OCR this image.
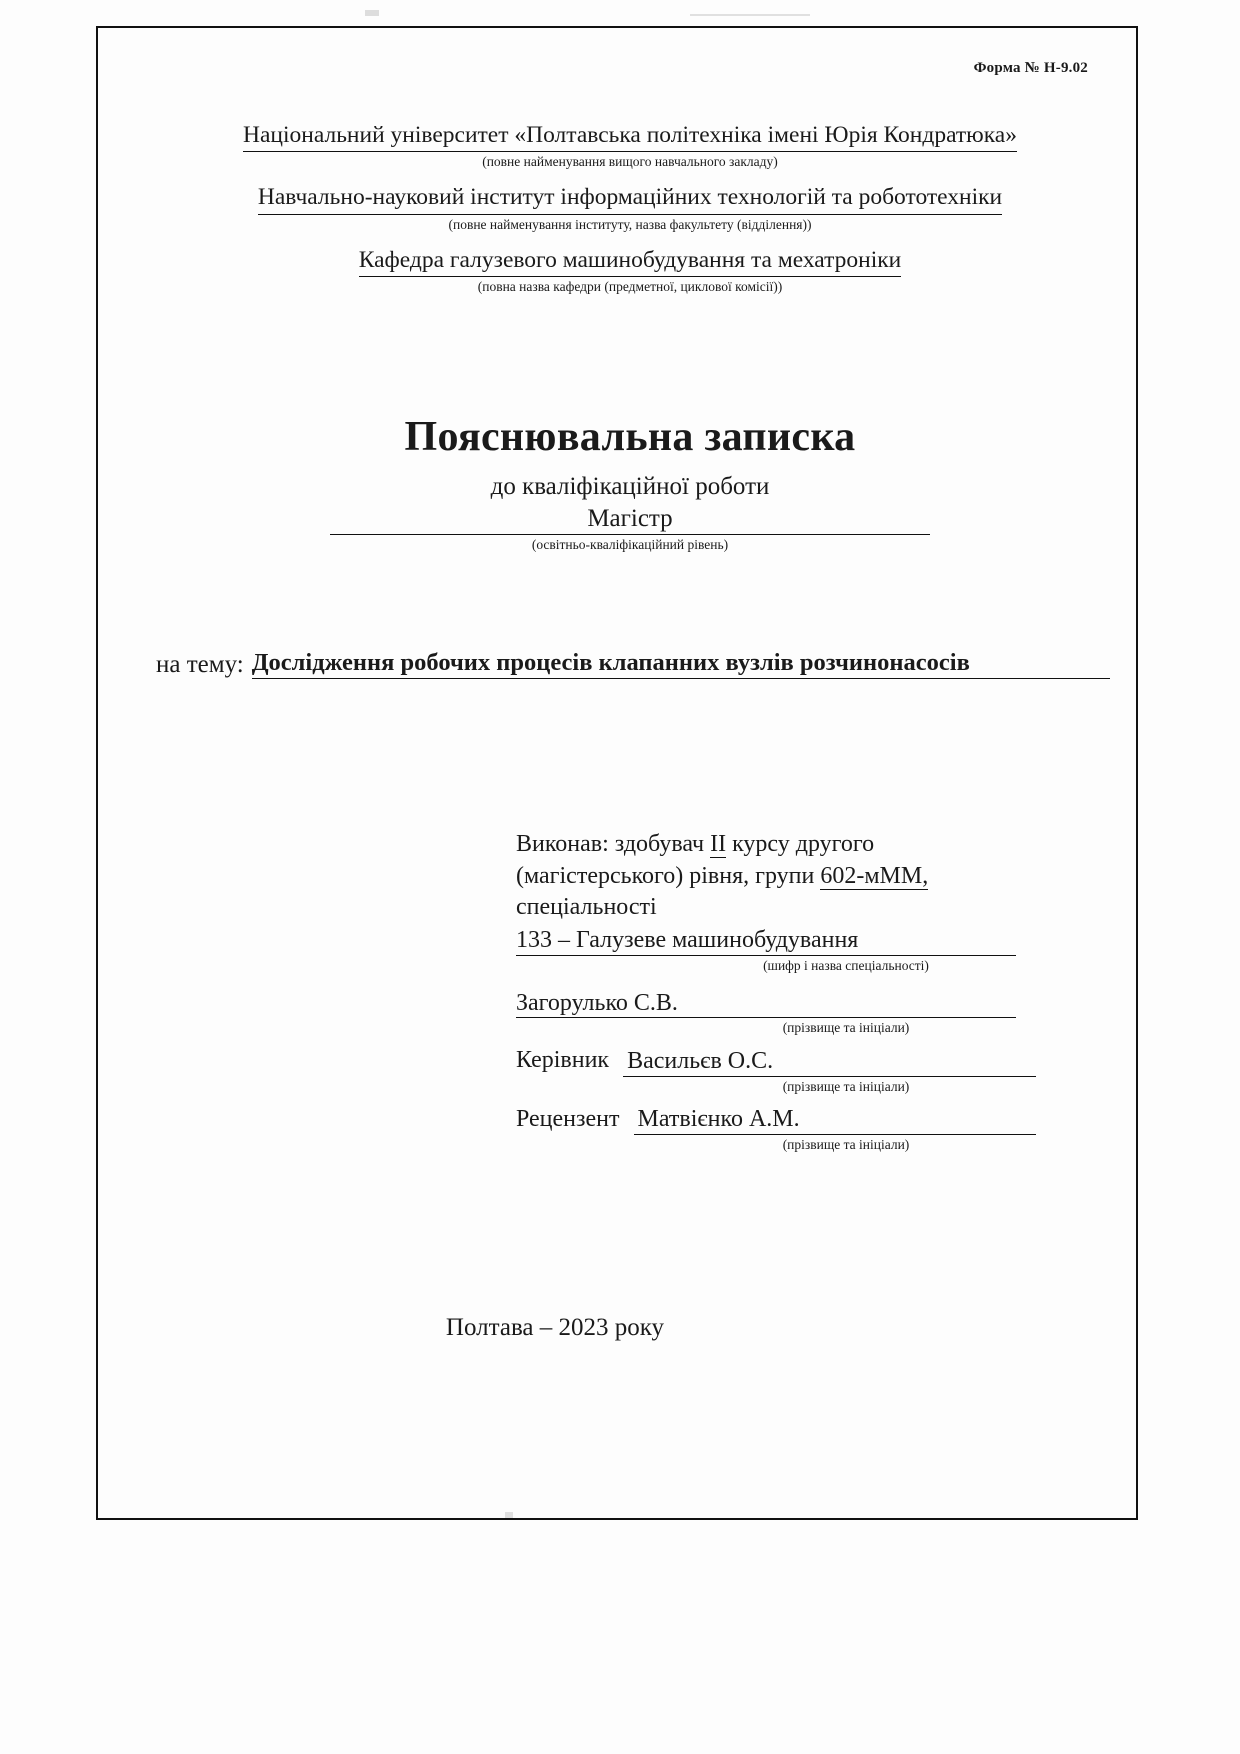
Форма № Н-9.02
Національний університет «Полтавська політехніка імені Юрія Кондратюка»
(повне найменування вищого навчального закладу)
Навчально-науковий інститут інформаційних технологій та робототехніки
(повне найменування інституту, назва факультету (відділення))
Кафедра галузевого машинобудування та мехатроніки
(повна назва кафедри (предметної, циклової комісії))
Пояснювальна записка
до кваліфікаційної роботи
Магістр
(освітньо-кваліфікаційний рівень)
на тему: Дослідження робочих процесів клапанних вузлів розчинонасосів
Виконав: здобувач ІІ курсу другого
(магістерського) рівня, групи 602-мММ,
спеціальності
133 – Галузеве машинобудування
(шифр і назва спеціальності)
Загорулько С.В.
(прізвище та ініціали)
Керівник Васильєв О.С.
(прізвище та ініціали)
Рецензент Матвієнко А.М.
(прізвище та ініціали)
Полтава – 2023 року
